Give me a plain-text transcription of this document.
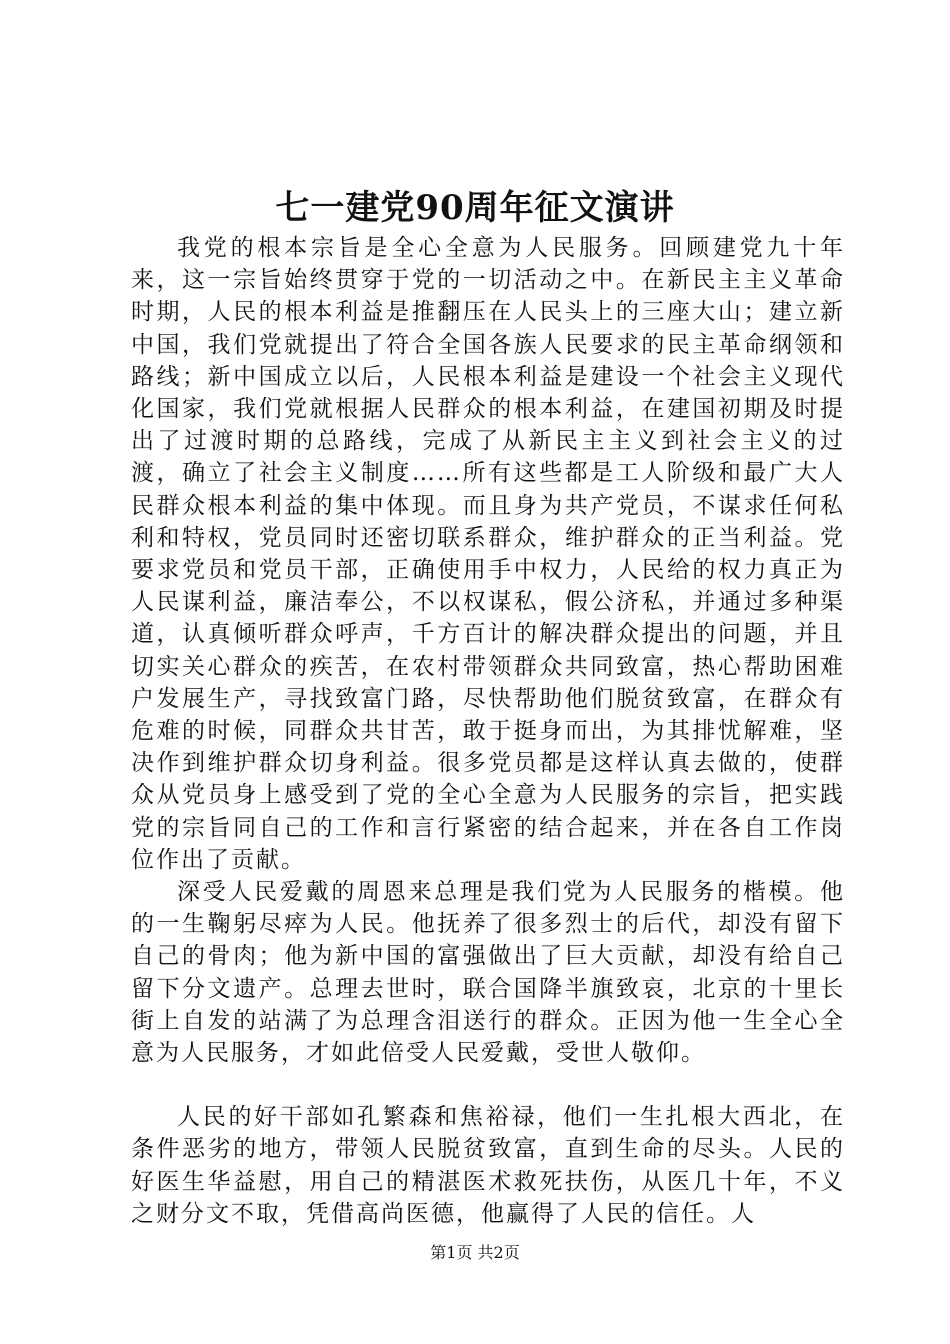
七一建党90周年征文演讲

我党的根本宗旨是全心全意为人民服务。回顾建党九十年来，这一宗旨始终贯穿于党的一切活动之中。在新民主主义革命时期，人民的根本利益是推翻压在人民头上的三座大山；建立新中国，我们党就提出了符合全国各族人民要求的民主革命纲领和路线；新中国成立以后，人民根本利益是建设一个社会主义现代化国家，我们党就根据人民群众的根本利益，在建国初期及时提出了过渡时期的总路线，完成了从新民主主义到社会主义的过渡，确立了社会主义制度……所有这些都是工人阶级和最广大人民群众根本利益的集中体现。而且身为共产党员，不谋求任何私利和特权，党员同时还密切联系群众，维护群众的正当利益。党要求党员和党员干部，正确使用手中权力，人民给的权力真正为人民谋利益，廉洁奉公，不以权谋私，假公济私，并通过多种渠道，认真倾听群众呼声，千方百计的解决群众提出的问题，并且切实关心群众的疾苦，在农村带领群众共同致富，热心帮助困难户发展生产，寻找致富门路，尽快帮助他们脱贫致富，在群众有危难的时候，同群众共甘苦，敢于挺身而出，为其排忧解难，坚决作到维护群众切身利益。很多党员都是这样认真去做的，使群众从党员身上感受到了党的全心全意为人民服务的宗旨，把实践党的宗旨同自己的工作和言行紧密的结合起来，并在各自工作岗位作出了贡献。

深受人民爱戴的周恩来总理是我们党为人民服务的楷模。他的一生鞠躬尽瘁为人民。他抚养了很多烈士的后代，却没有留下自己的骨肉；他为新中国的富强做出了巨大贡献，却没有给自己留下分文遗产。总理去世时，联合国降半旗致哀，北京的十里长街上自发的站满了为总理含泪送行的群众。正因为他一生全心全意为人民服务，才如此倍受人民爱戴，受世人敬仰。

人民的好干部如孔繁森和焦裕禄，他们一生扎根大西北，在条件恶劣的地方，带领人民脱贫致富，直到生命的尽头。人民的好医生华益慰，用自己的精湛医术救死扶伤，从医几十年，不义之财分文不取，凭借高尚医德，他赢得了人民的信任。人

第1页 共2页
